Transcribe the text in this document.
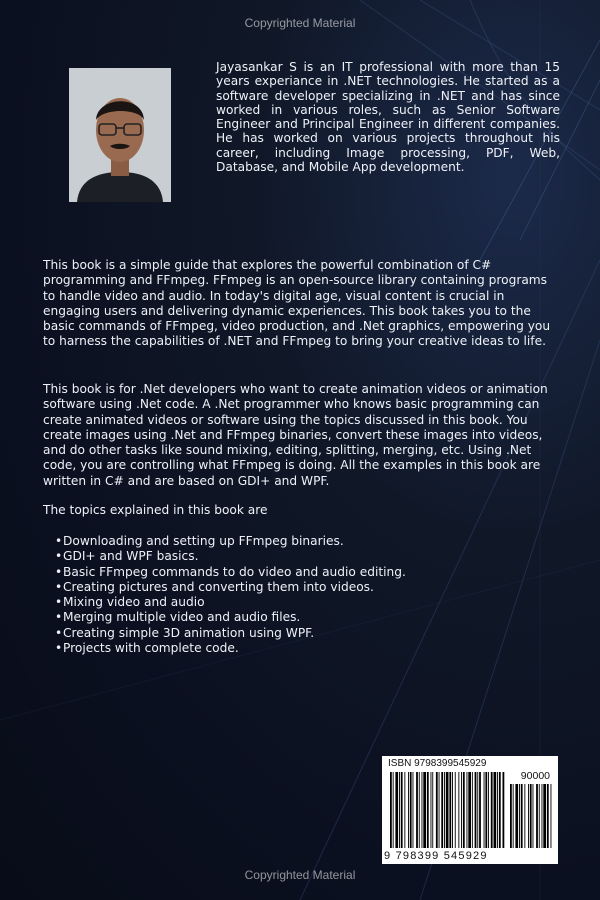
Copyrighted Material

Jayasankar S is an IT professional with more than 15 years experiance in .NET technologies. He started as a software developer specializing in .NET and has since worked in various roles, such as Senior Software Engineer and Principal Engineer in different companies. He has worked on various projects throughout his career, including Image processing, PDF, Web, Database, and Mobile App development.

This book is a simple guide that explores the powerful combination of C# programming and FFmpeg. FFmpeg is an open-source library containing programs to handle video and audio. In today's digital age, visual content is crucial in engaging users and delivering dynamic experiences. This book takes you to the basic commands of FFmpeg, video production, and .Net graphics, empowering you to harness the capabilities of .NET and FFmpeg to bring your creative ideas to life.

This book is for .Net developers who want to create animation videos or animation software using .Net code. A .Net programmer who knows basic programming can create animated videos or software using the topics discussed in this book. You create images using .Net and FFmpeg binaries, convert these images into videos, and do other tasks like sound mixing, editing, splitting, merging, etc. Using .Net code, you are controlling what FFmpeg is doing. All the examples in this book are written in C# and are based on GDI+ and WPF.

The topics explained in this book are

• Downloading and setting up FFmpeg binaries.
• GDI+ and WPF basics.
• Basic FFmpeg commands to do video and audio editing.
• Creating pictures and converting them into videos.
• Mixing video and audio
• Merging multiple video and audio files.
• Creating simple 3D animation using WPF.
• Projects with complete code.
ISBN 9798399545929
90000
9 798399 545929
Copyrighted Material
